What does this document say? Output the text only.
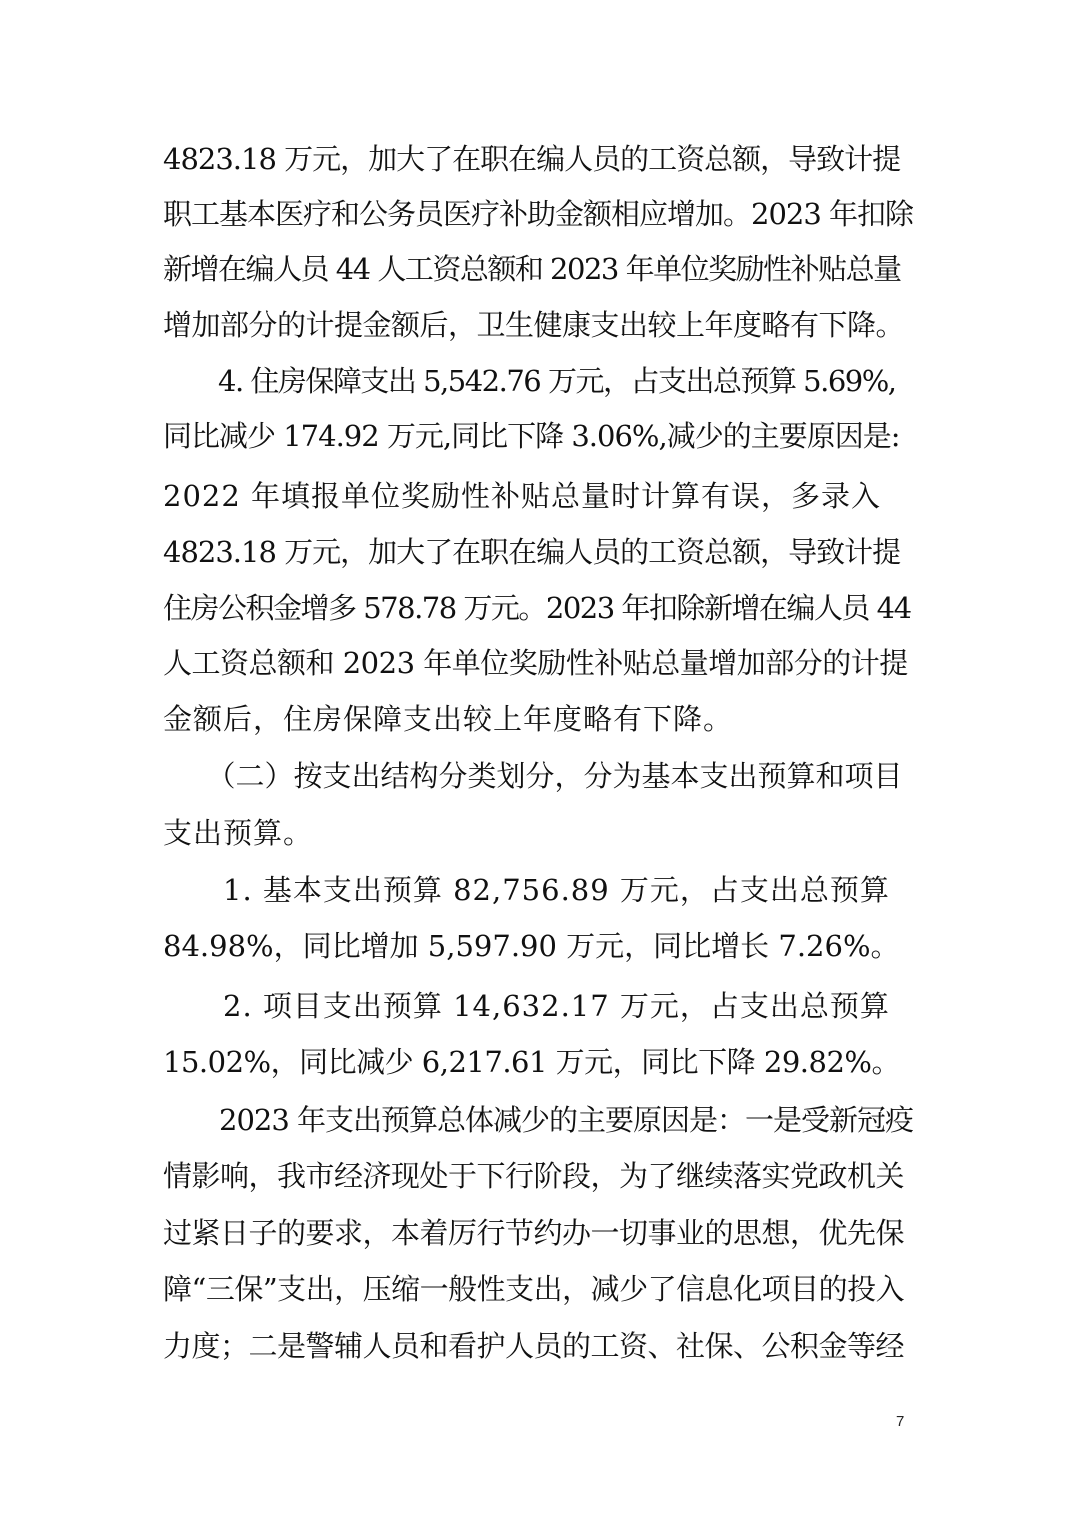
4823.18 万元，加大了在职在编人员的工资总额，导致计提
职工基本医疗和公务员医疗补助金额相应增加。2023 年扣除
新增在编人员 44 人工资总额和 2023 年单位奖励性补贴总量
增加部分的计提金额后，卫生健康支出较上年度略有下降。
　　4. 住房保障支出 5,542.76 万元，占支出总预算 5.69%,
同比减少 174.92 万元,同比下降 3.06%,减少的主要原因是:
2022 年填报单位奖励性补贴总量时计算有误，多录入
4823.18 万元，加大了在职在编人员的工资总额，导致计提
住房公积金增多 578.78 万元。2023 年扣除新增在编人员 44
人工资总额和 2023 年单位奖励性补贴总量增加部分的计提
金额后，住房保障支出较上年度略有下降。
　　（二）按支出结构分类划分，分为基本支出预算和项目
支出预算。
　　1. 基本支出预算 82,756.89 万元，占支出总预算
84.98%，同比增加 5,597.90 万元，同比增长 7.26%。
　　2. 项目支出预算 14,632.17 万元，占支出总预算
15.02%，同比减少 6,217.61 万元，同比下降 29.82%。
　　2023 年支出预算总体减少的主要原因是：一是受新冠疫
情影响，我市经济现处于下行阶段，为了继续落实党政机关
过紧日子的要求，本着厉行节约办一切事业的思想，优先保
障“三保”支出，压缩一般性支出，减少了信息化项目的投入
力度；二是警辅人员和看护人员的工资、社保、公积金等经
7
